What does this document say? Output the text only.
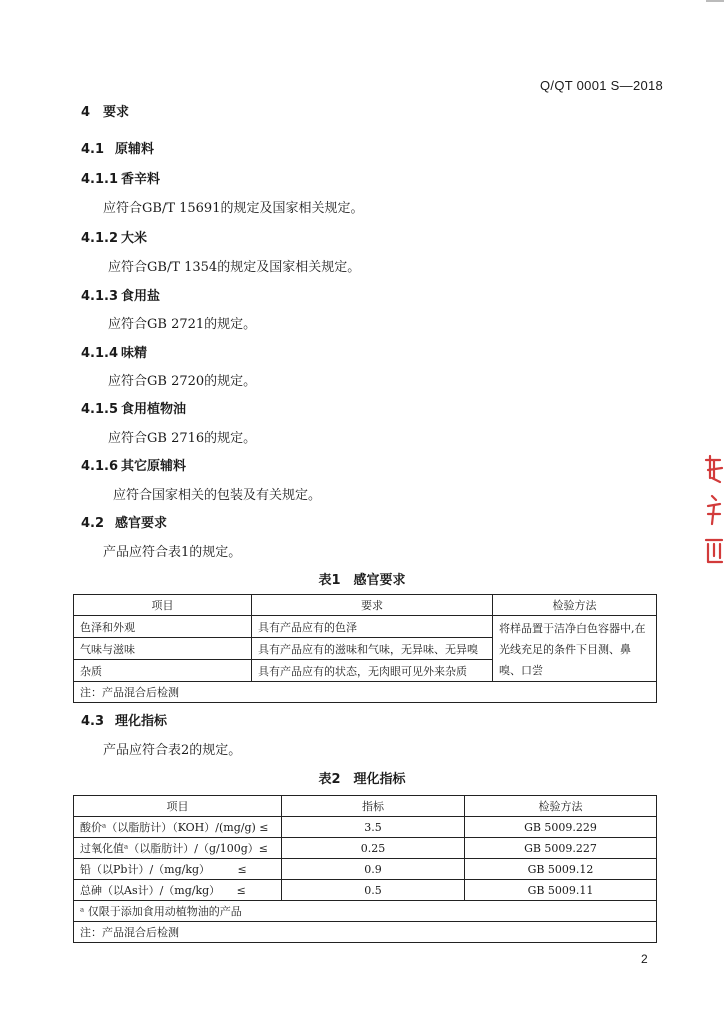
Q/QT 0001 S—2018
4 要求
4.1 原辅料
4.1.1 香辛料
应符合GB/T 15691的规定及国家相关规定。
4.1.2 大米
应符合GB/T 1354的规定及国家相关规定。
4.1.3 食用盐
应符合GB 2721的规定。
4.1.4 味精
应符合GB 2720的规定。
4.1.5 食用植物油
应符合GB 2716的规定。
4.1.6 其它原辅料
应符合国家相关的包装及有关规定。
4.2 感官要求
产品应符合表1的规定。
表1　感官要求
项目	要求	检验方法
色泽和外观	具有产品应有的色泽	将样品置于洁净白色容器中,在光线充足的条件下目测、鼻嗅、口尝
气味与滋味	具有产品应有的滋味和气味，无异味、无异嗅	
杂质	具有产品应有的状态，无肉眼可见外来杂质	
注：产品混合后检测		
4.3 理化指标
产品应符合表2的规定。
表2　理化指标
项目	指标	检验方法
酸价ᵃ（以脂肪计）（KOH）/(mg/g) ≤	3.5	GB 5009.229
过氧化值ᵃ（以脂肪计）/（g/100g）≤	0.25	GB 5009.227
铅（以Pb计）/（mg/kg）　　　≤	0.9	GB 5009.12
总砷（以As计）/（mg/kg）　　≤	0.5	GB 5009.11
ᵃ 仅限于添加食用动植物油的产品		
注：产品混合后检测		
2
